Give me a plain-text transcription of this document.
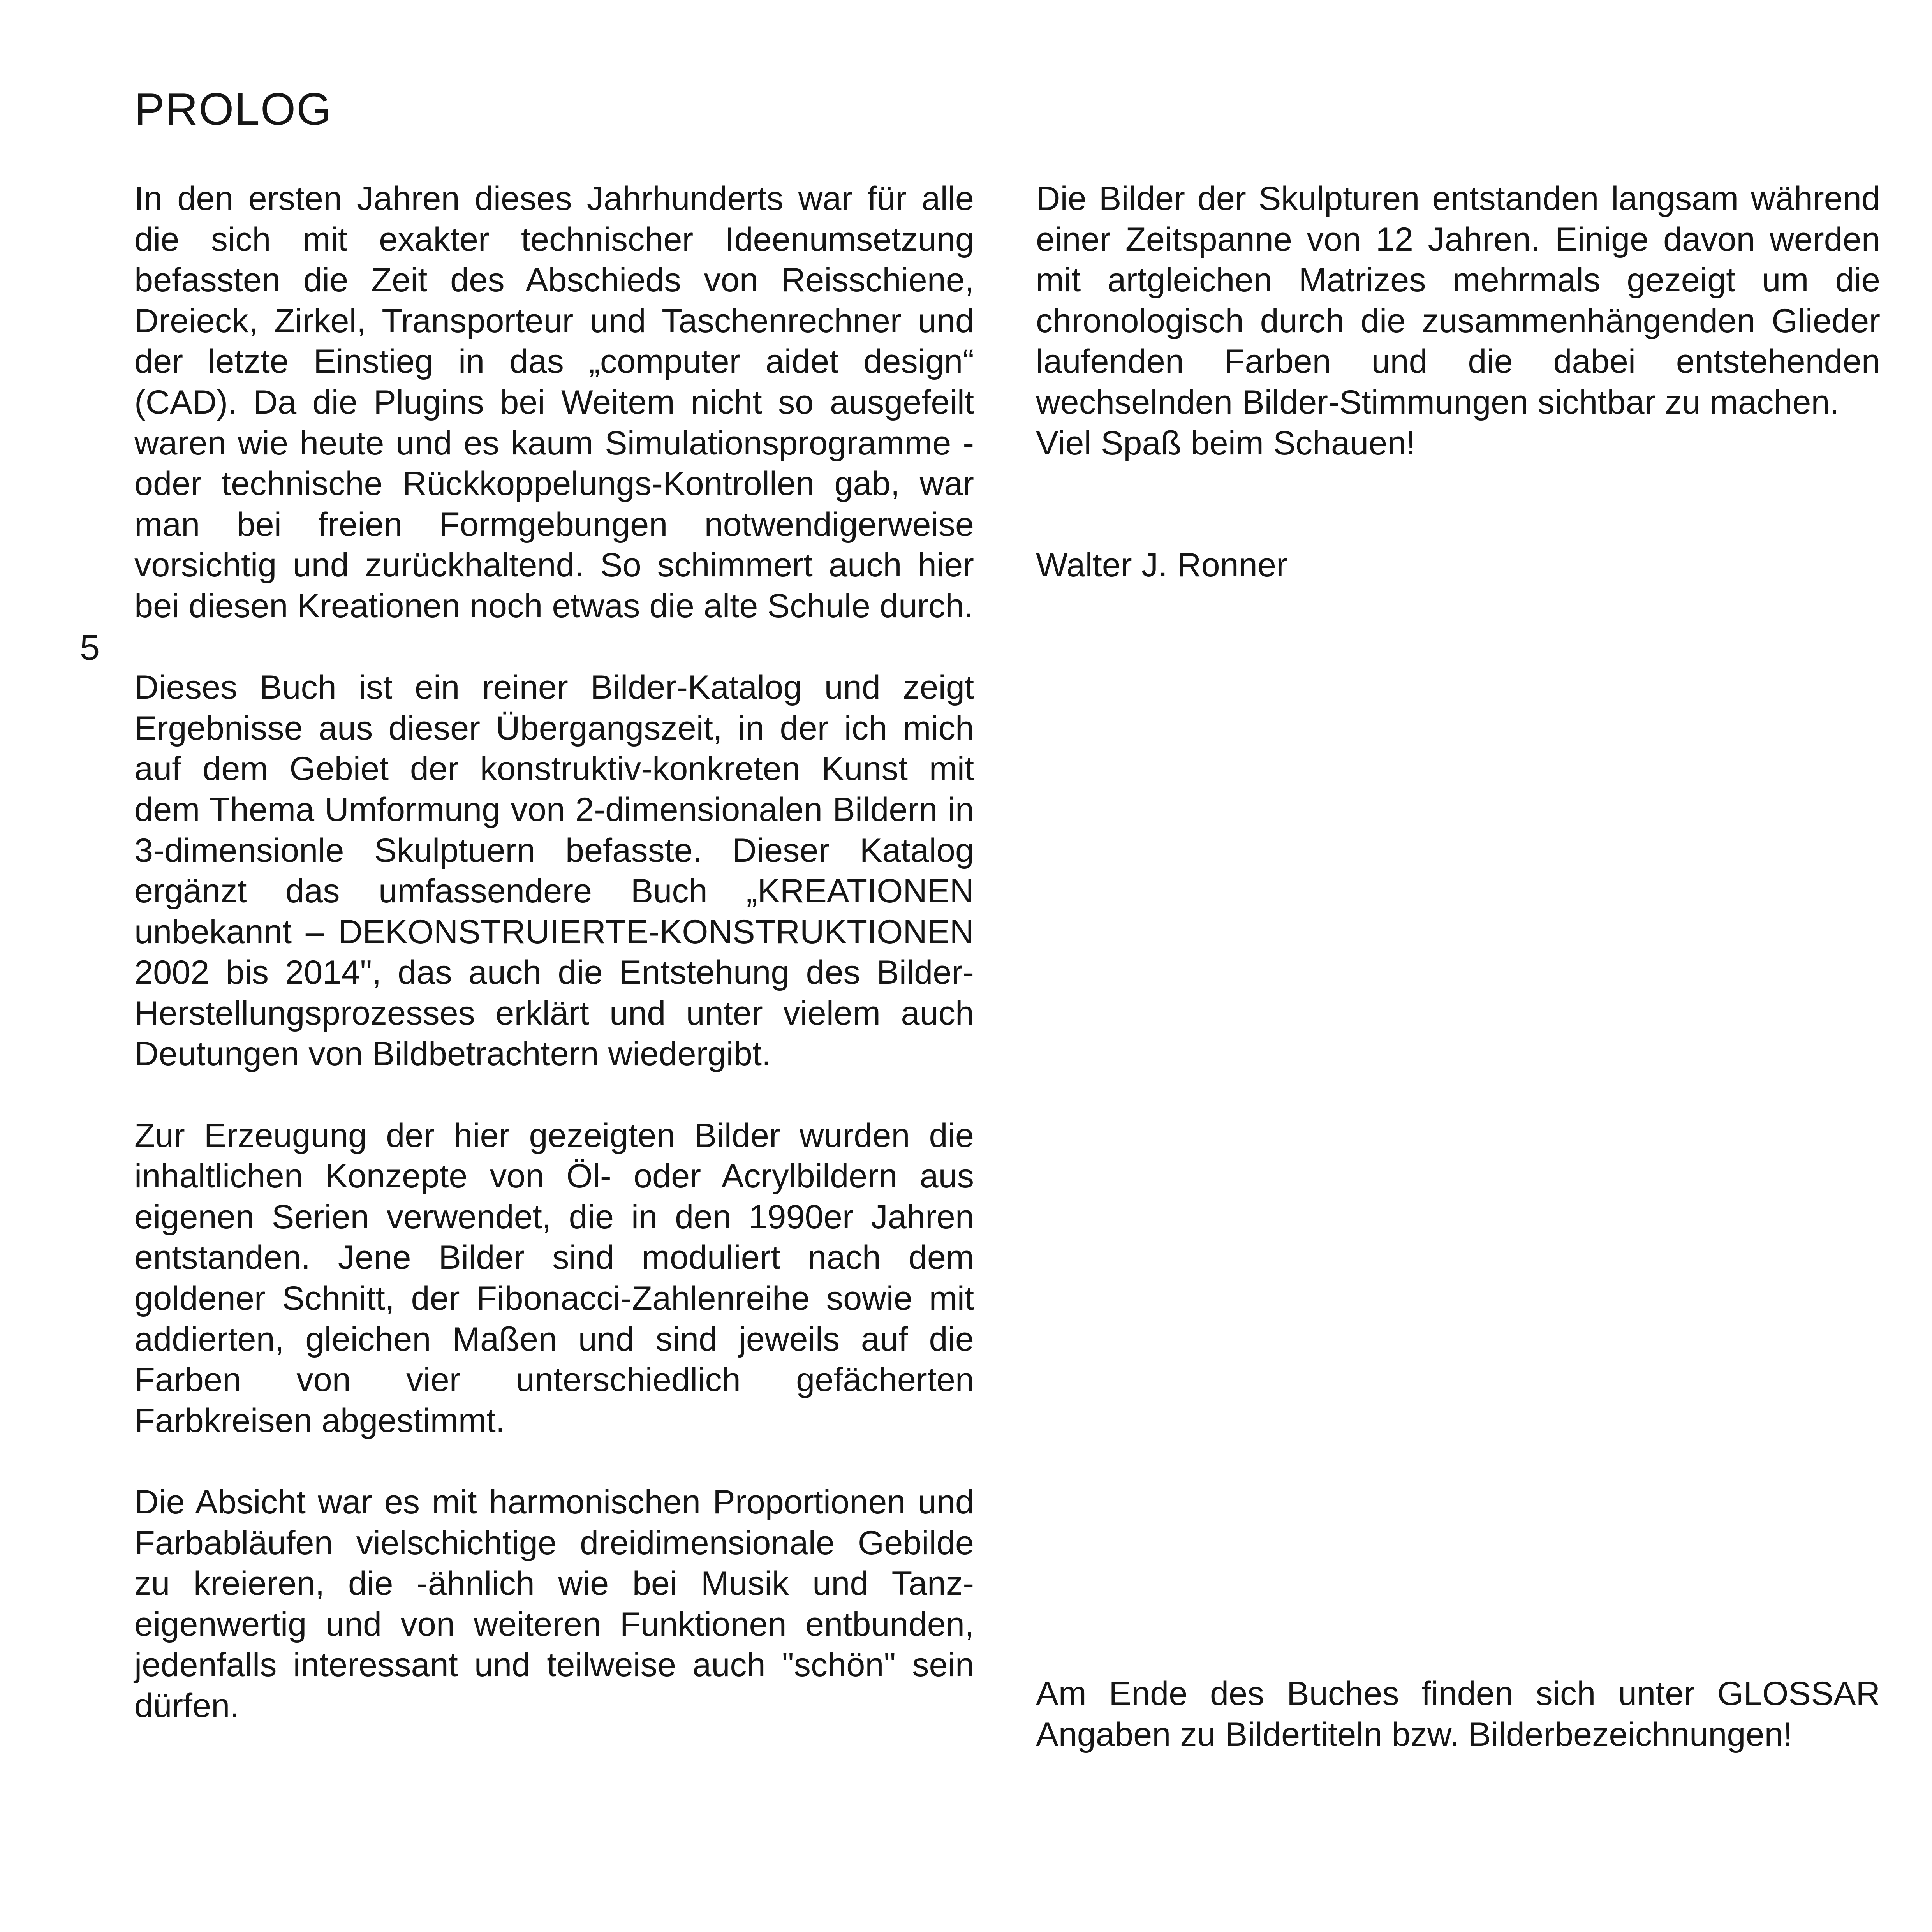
PROLOG
5

In den ersten Jahren dieses Jahrhunderts war für alle die sich mit exakter technischer Ideenumsetzung befassten die Zeit des Abschieds von Reisschiene, Dreieck, Zirkel, Transporteur und Taschenrechner und der letzte Einstieg in das „computer aidet design“ (CAD). Da die Plugins bei Weitem nicht so ausgefeilt waren wie heute und es kaum Simulationsprogramme -oder technische Rückkoppelungs-Kontrollen gab, war man bei freien Formgebungen notwendigerweise vorsichtig und zurückhaltend. So schimmert auch hier bei diesen Kreationen noch etwas die alte Schule durch.

Dieses Buch ist ein reiner Bilder-Katalog und zeigt Ergebnisse aus dieser Übergangszeit, in der ich mich auf dem Gebiet der konstruktiv-konkreten Kunst mit dem Thema Umformung von 2-dimensionalen Bildern in 3-dimensionle Skulptuern befasste. Dieser Katalog ergänzt das umfassendere Buch „KREATIONEN unbekannt – DEKONSTRUIERTE-KONSTRUKTIONEN 2002 bis 2014", das auch die Entstehung des Bilder-Herstellungsprozesses erklärt und unter vielem auch Deutungen von Bildbetrachtern wiedergibt.

Zur Erzeugung der hier gezeigten Bilder wurden die inhaltlichen Konzepte von Öl- oder Acrylbildern aus eigenen Serien verwendet, die in den 1990er Jahren entstanden. Jene Bilder sind moduliert nach dem goldener Schnitt, der Fibonacci-Zahlenreihe sowie mit addierten, gleichen Maßen und sind jeweils auf die Farben von vier unterschiedlich gefächerten Farbkreisen abgestimmt.

Die Absicht war es mit harmonischen Proportionen und Farbabläufen vielschichtige dreidimensionale Gebilde zu kreieren, die -ähnlich wie bei Musik und Tanz- eigenwertig und von weiteren Funktionen entbunden, jedenfalls interessant und teilweise auch "schön" sein dürfen.

Die Bilder der Skulpturen entstanden langsam während einer Zeitspanne von 12 Jahren. Einige davon werden mit artgleichen Matrizes mehrmals gezeigt um die chronologisch durch die zusammenhängenden Glieder laufenden Farben und die dabei entstehenden wechselnden Bilder-Stimmungen sichtbar zu machen.

Viel Spaß beim Schauen!

Walter J. Ronner

Am Ende des Buches finden sich unter GLOSSAR Angaben zu Bildertiteln bzw. Bilderbezeichnungen!
